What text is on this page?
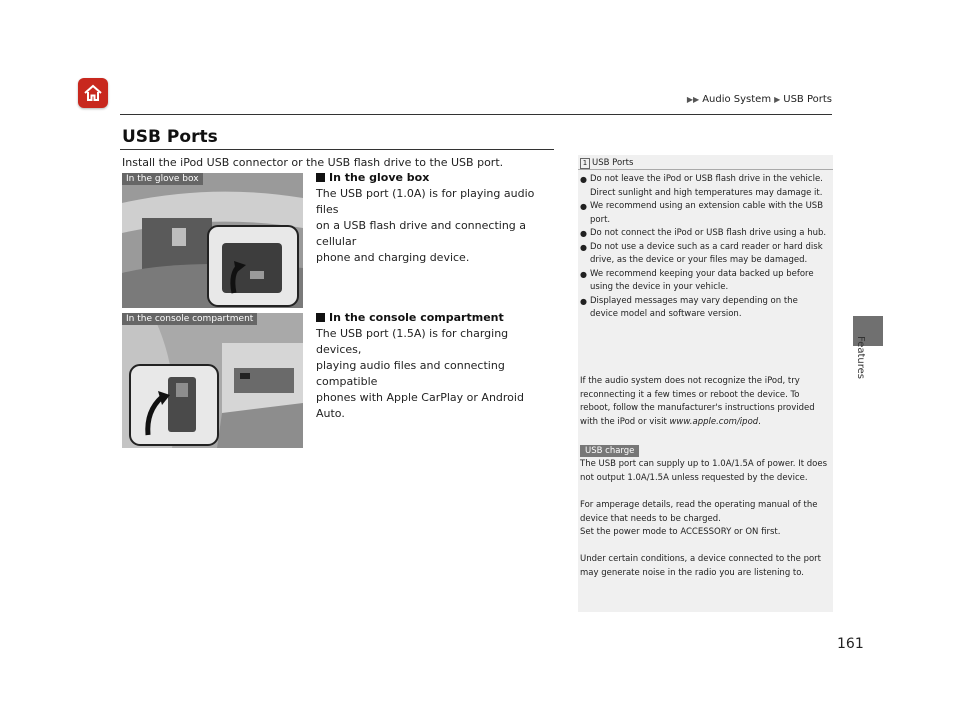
▶▶ Audio System ▶ USB Ports
Features
USB Ports
Install the iPod USB connector or the USB flash drive to the USB port.
In the glove box
In the console compartment
In the glove box
The USB port (1.0A) is for playing audio files
on a USB flash drive and connecting a cellular
phone and charging device.
In the console compartment
The USB port (1.5A) is for charging devices,
playing audio files and connecting compatible
phones with Apple CarPlay or Android Auto.
1 USB Ports
● Do not leave the iPod or USB flash drive in the vehicle. Direct sunlight and high temperatures may damage it.
● We recommend using an extension cable with the USB port.
● Do not connect the iPod or USB flash drive using a hub.
● Do not use a device such as a card reader or hard disk drive, as the device or your files may be damaged.
● We recommend keeping your data backed up before using the device in your vehicle.
● Displayed messages may vary depending on the device model and software version.

If the audio system does not recognize the iPod, try reconnecting it a few times or reboot the device. To reboot, follow the manufacturer's instructions provided with the iPod or visit www.apple.com/ipod.

USB charge

The USB port can supply up to 1.0A/1.5A of power. It does not output 1.0A/1.5A unless requested by the device.

For amperage details, read the operating manual of the device that needs to be charged.

Set the power mode to ACCESSORY or ON first.

Under certain conditions, a device connected to the port may generate noise in the radio you are listening to.

161
